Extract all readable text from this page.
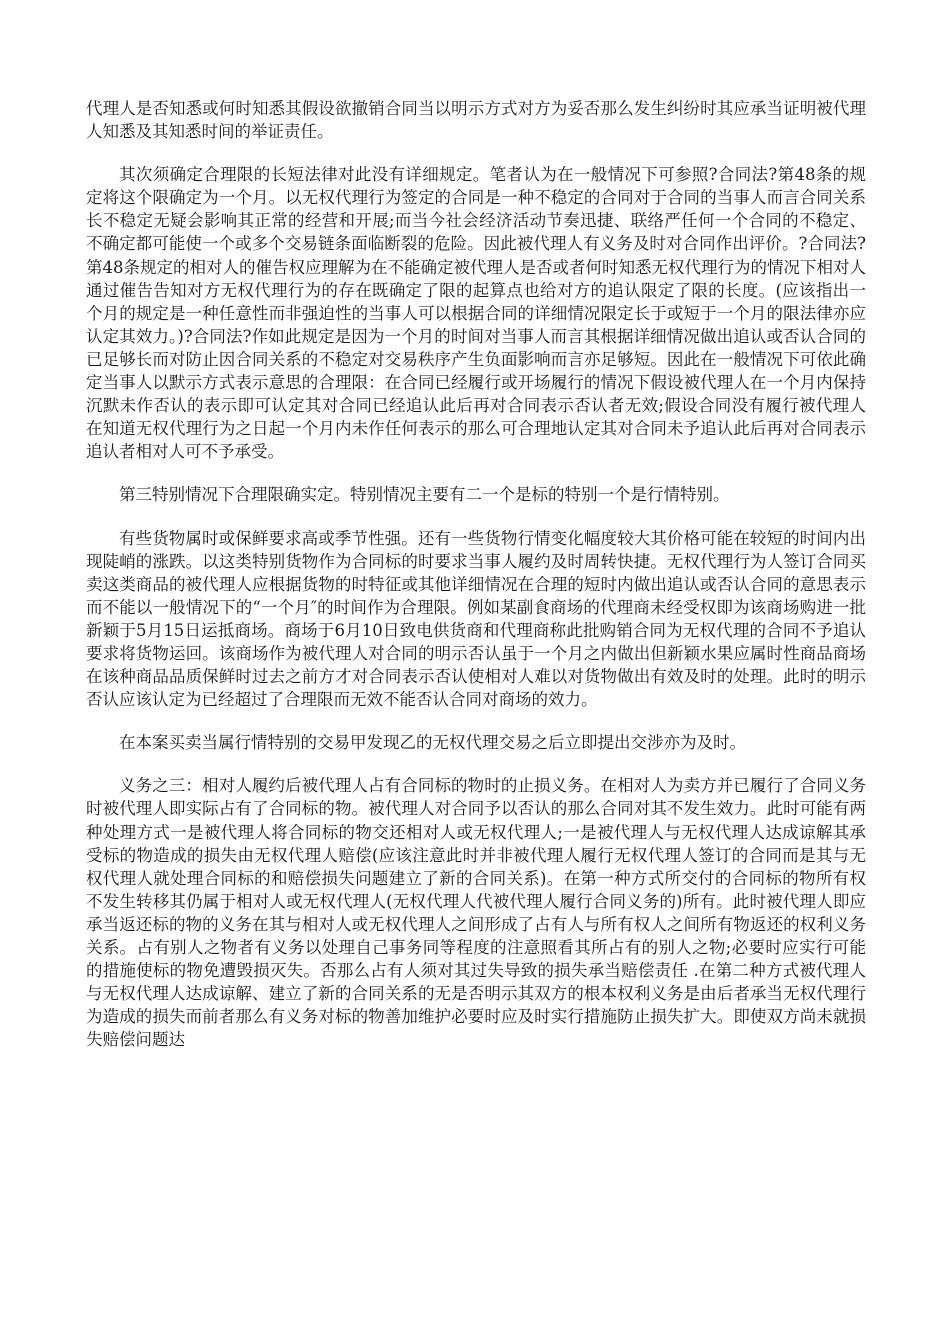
代理人是否知悉或何时知悉其假设欲撤销合同当以明示方式对方为妥否那么发生纠纷时其应承当证明被代理人知悉及其知悉时间的举证责任。

其次须确定合理限的长短法律对此没有详细规定。笔者认为在一般情况下可参照?合同法?第48条的规定将这个限确定为一个月。以无权代理行为签定的合同是一种不稳定的合同对于合同的当事人而言合同关系长不稳定无疑会影响其正常的经营和开展;而当今社会经济活动节奏迅捷、联络严任何一个合同的不稳定、不确定都可能使一个或多个交易链条面临断裂的危险。因此被代理人有义务及时对合同作出评价。?合同法?第48条规定的相对人的催告权应理解为在不能确定被代理人是否或者何时知悉无权代理行为的情况下相对人通过催告告知对方无权代理行为的存在既确定了限的起算点也给对方的追认限定了限的长度。(应该指出一个月的规定是一种任意性而非强迫性的当事人可以根据合同的详细情况限定长于或短于一个月的限法律亦应认定其效力。)?合同法?作如此规定是因为一个月的时间对当事人而言其根据详细情况做出追认或否认合同的已足够长而对防止因合同关系的不稳定对交易秩序产生负面影响而言亦足够短。因此在一般情况下可依此确定当事人以默示方式表示意思的合理限：在合同已经履行或开场履行的情况下假设被代理人在一个月内保持沉默未作否认的表示即可认定其对合同已经追认此后再对合同表示否认者无效;假设合同没有履行被代理人在知道无权代理行为之日起一个月内未作任何表示的那么可合理地认定其对合同未予追认此后再对合同表示追认者相对人可不予承受。

第三特别情况下合理限确实定。特别情况主要有二一个是标的特别一个是行情特别。

有些货物属时或保鲜要求高或季节性强。还有一些货物行情变化幅度较大其价格可能在较短的时间内出现陡峭的涨跌。以这类特别货物作为合同标的时要求当事人履约及时周转快捷。无权代理行为人签订合同买卖这类商品的被代理人应根据货物的时特征或其他详细情况在合理的短时内做出追认或否认合同的意思表示而不能以一般情况下的“一个月″的时间作为合理限。例如某副食商场的代理商未经受权即为该商场购进一批新颖于5月15日运抵商场。商场于6月10日致电供货商和代理商称此批购销合同为无权代理的合同不予追认要求将货物运回。该商场作为被代理人对合同的明示否认虽于一个月之内做出但新颖水果应属时性商品商场在该种商品品质保鲜时过去之前方才对合同表示否认使相对人难以对货物做出有效及时的处理。此时的明示否认应该认定为已经超过了合理限而无效不能否认合同对商场的效力。

在本案买卖当属行情特别的交易甲发现乙的无权代理交易之后立即提出交涉亦为及时。

义务之三：相对人履约后被代理人占有合同标的物时的止损义务。在相对人为卖方并已履行了合同义务时被代理人即实际占有了合同标的物。被代理人对合同予以否认的那么合同对其不发生效力。此时可能有两种处理方式一是被代理人将合同标的物交还相对人或无权代理人;一是被代理人与无权代理人达成谅解其承受标的物造成的损失由无权代理人赔偿(应该注意此时并非被代理人履行无权代理人签订的合同而是其与无权代理人就处理合同标的和赔偿损失问题建立了新的合同关系)。在第一种方式所交付的合同标的物所有权不发生转移其仍属于相对人或无权代理人(无权代理人代被代理人履行合同义务的)所有。此时被代理人即应承当返还标的物的义务在其与相对人或无权代理人之间形成了占有人与所有权人之间所有物返还的权利义务关系。占有别人之物者有义务以处理自己事务同等程度的注意照看其所占有的别人之物;必要时应实行可能的措施使标的物免遭毁损灭失。否那么占有人须对其过失导致的损失承当赔偿责任 .在第二种方式被代理人与无权代理人达成谅解、建立了新的合同关系的无是否明示其双方的根本权利义务是由后者承当无权代理行为造成的损失而前者那么有义务对标的物善加维护必要时应及时实行措施防止损失扩大。即使双方尚未就损失赔偿问题达
